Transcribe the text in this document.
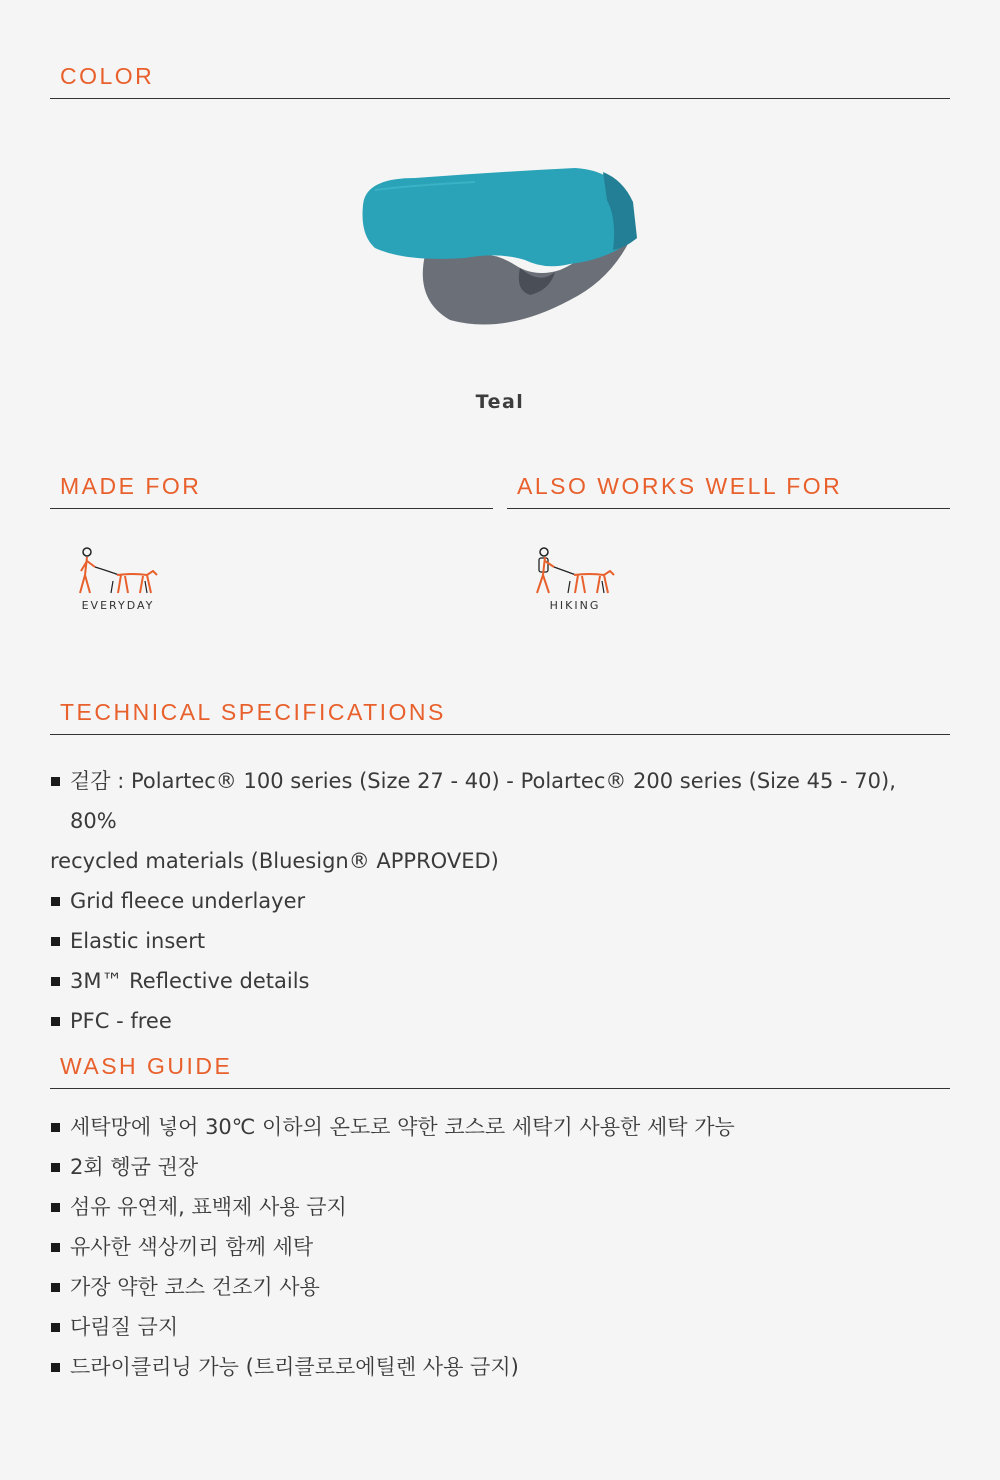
COLOR
Teal
MADE FOR	ALSO WORKS WELL FOR
EVERYDAY	HIKING
TECHNICAL SPECIFICATIONS
겉감 : Polartec® 100 series (Size 27 - 40) - Polartec® 200 series (Size 45 - 70), 80%
recycled materials (Bluesign® APPROVED)
Grid fleece underlayer
Elastic insert
3M™ Reflective details
PFC - free
WASH GUIDE
세탁망에 넣어 30℃ 이하의 온도로 약한 코스로 세탁기 사용한 세탁 가능
2회 헹굼 권장
섬유 유연제, 표백제 사용 금지
유사한 색상끼리 함께 세탁
가장 약한 코스 건조기 사용
다림질 금지
드라이클리닝 가능 (트리클로로에틸렌 사용 금지)
